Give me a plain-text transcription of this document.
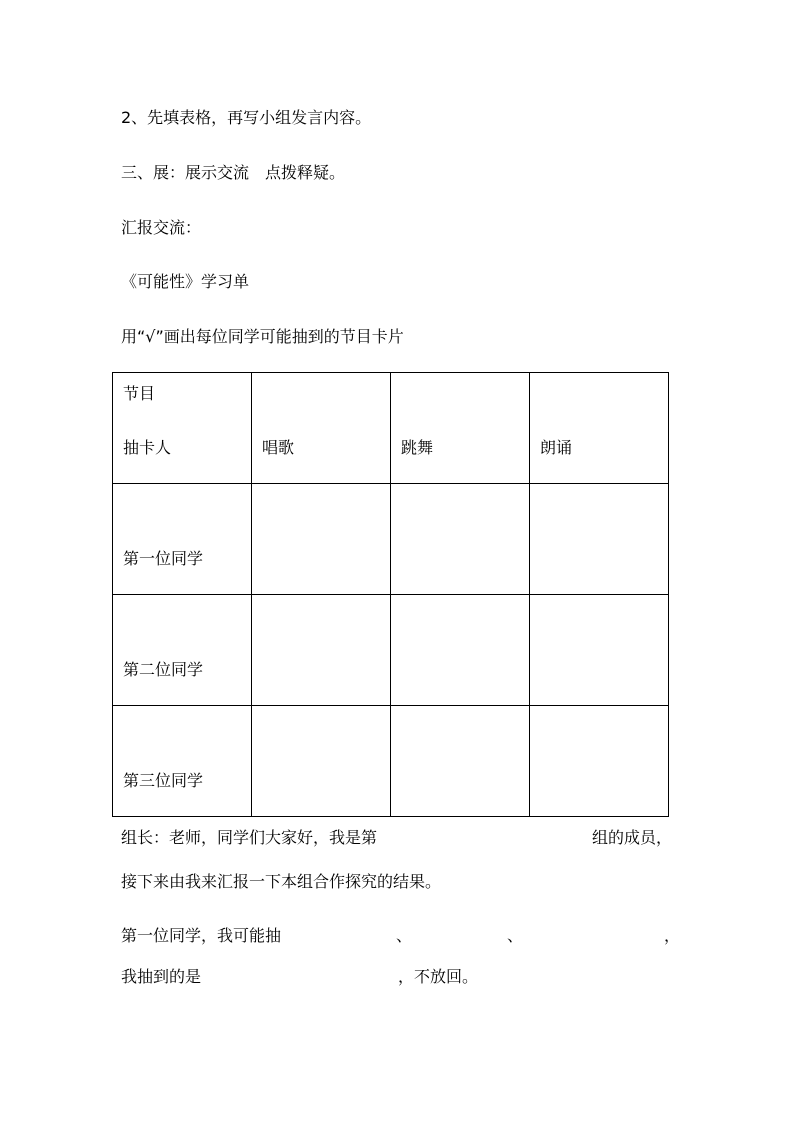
2、先填表格，再写小组发言内容。
三、展：展示交流　点拨释疑。
汇报交流：
《可能性》学习单
用“√”画出每位同学可能抽到的节目卡片
节目
抽卡人	唱歌	跳舞	朗诵

第一位同学			

第二位同学			

第三位同学			

组长：老师，同学们大家好，我是第	组的成员，
接下来由我来汇报一下本组合作探究的结果。
第一位同学，我可能抽	、	、	，
我抽到的是	，不放回。
